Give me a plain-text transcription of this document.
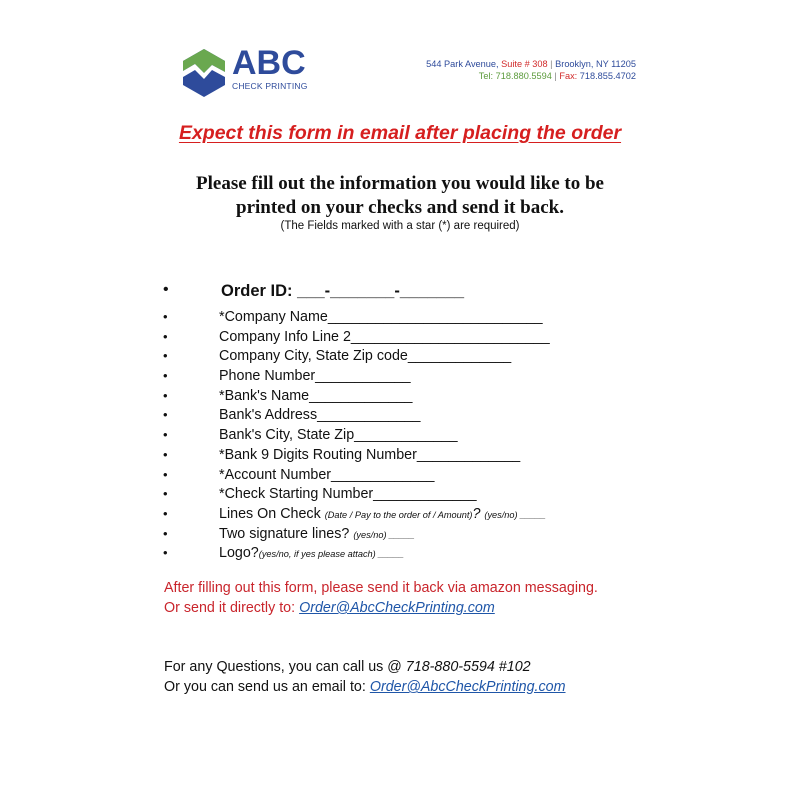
ABC
CHECK PRINTING
544 Park Avenue, Suite # 308 | Brooklyn, NY 11205
Tel: 718.880.5594 | Fax: 718.855.4702
Expect this form in email after placing the order
Please fill out the information you would like to be
printed on your checks and send it back.
(The Fields marked with a star (*) are required)
•	Order ID: ___-_______-_______
•	*Company Name___________________________
•	Company Info Line 2_________________________
•	Company City, State Zip code_____________
•	Phone Number____________
•	*Bank's Name_____________
•	Bank's Address_____________
•	Bank's City, State Zip_____________
•	*Bank 9 Digits Routing Number_____________
•	*Account Number_____________
•	*Check Starting Number_____________
•	Lines On Check (Date / Pay to the order of / Amount)? (yes/no) _____
•	Two signature lines? (yes/no) _____
•	Logo?(yes/no, if yes please attach) _____
After filling out this form, please send it back via amazon messaging.
Or send it directly to: Order@AbcCheckPrinting.com
For any Questions, you can call us @ 718-880-5594 #102
Or you can send us an email to: Order@AbcCheckPrinting.com
